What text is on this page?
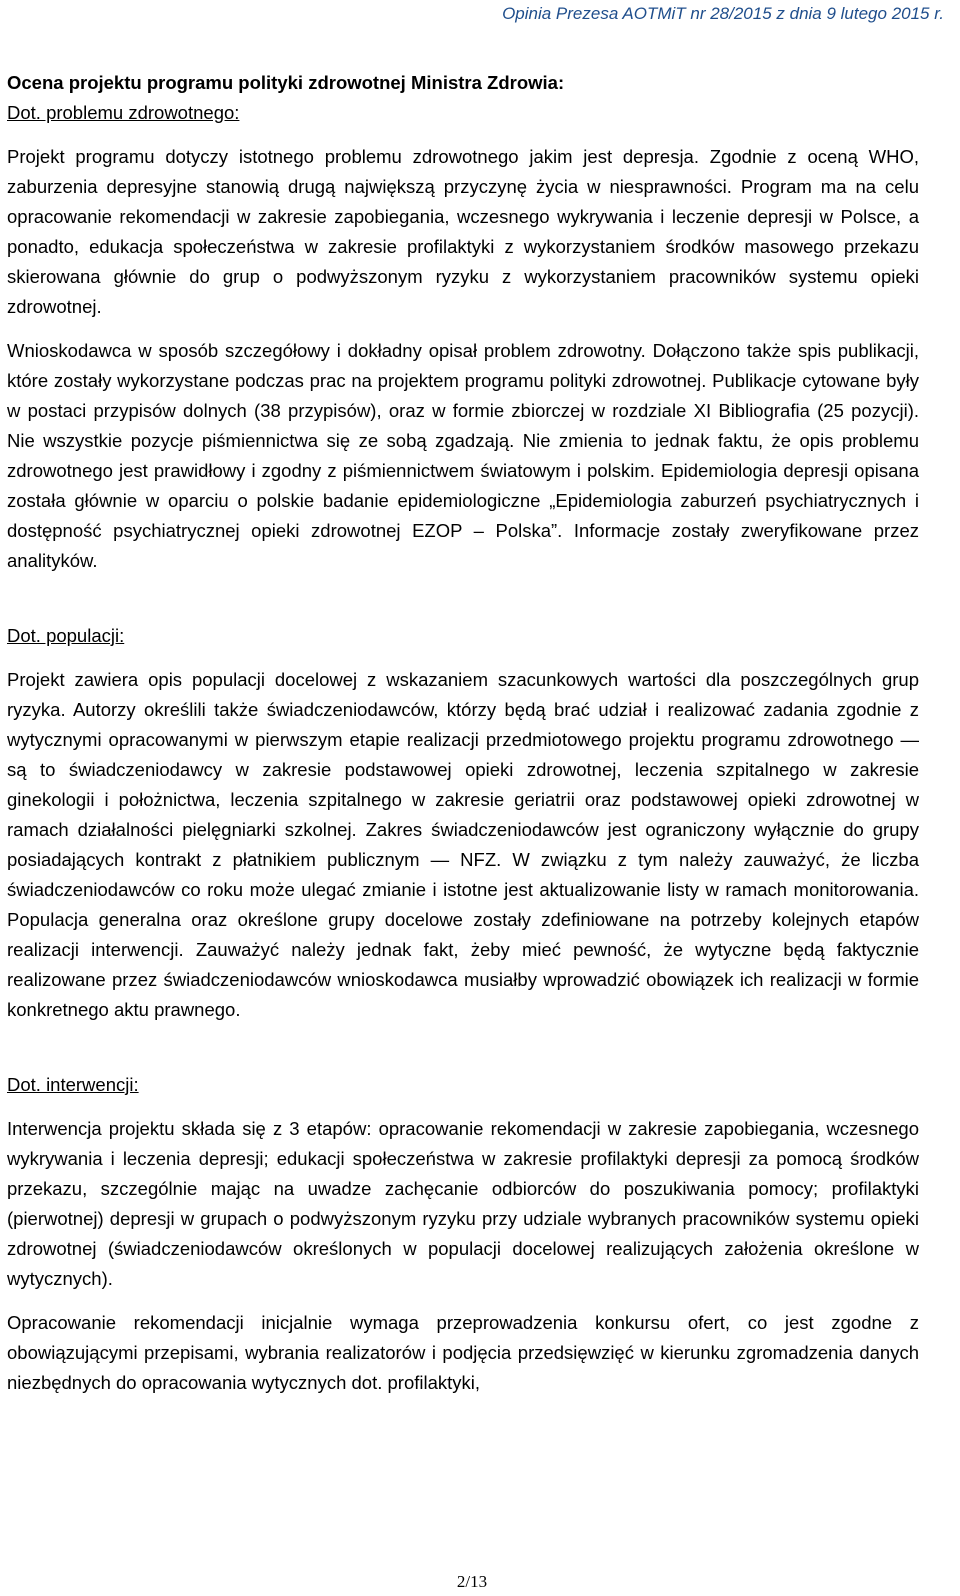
Opinia Prezesa AOTMiT nr 28/2015 z dnia 9 lutego 2015 r.

Ocena projektu programu polityki zdrowotnej Ministra Zdrowia:

Dot. problemu zdrowotnego:

Projekt programu dotyczy istotnego problemu zdrowotnego jakim jest depresja. Zgodnie z oceną WHO, zaburzenia depresyjne stanowią drugą największą przyczynę życia w niesprawności. Program ma na celu opracowanie rekomendacji w zakresie zapobiegania, wczesnego wykrywania i leczenie depresji w Polsce, a ponadto, edukacja społeczeństwa w zakresie profilaktyki z wykorzystaniem środków masowego przekazu skierowana głównie do grup o podwyższonym ryzyku z wykorzystaniem pracowników systemu opieki zdrowotnej.

Wnioskodawca w sposób szczegółowy i dokładny opisał problem zdrowotny. Dołączono także spis publikacji, które zostały wykorzystane podczas prac na projektem programu polityki zdrowotnej. Publikacje cytowane były w postaci przypisów dolnych (38 przypisów), oraz w formie zbiorczej w rozdziale XI Bibliografia (25 pozycji). Nie wszystkie pozycje piśmiennictwa się ze sobą zgadzają. Nie zmienia to jednak faktu, że opis problemu zdrowotnego jest prawidłowy i zgodny z piśmiennictwem światowym i polskim. Epidemiologia depresji opisana została głównie w oparciu o polskie badanie epidemiologiczne „Epidemiologia zaburzeń psychiatrycznych i dostępność psychiatrycznej opieki zdrowotnej EZOP – Polska”. Informacje zostały zweryfikowane przez analityków.

Dot. populacji:

Projekt zawiera opis populacji docelowej z wskazaniem szacunkowych wartości dla poszczególnych grup ryzyka. Autorzy określili także świadczeniodawców, którzy będą brać udział i realizować zadania zgodnie z wytycznymi opracowanymi w pierwszym etapie realizacji przedmiotowego projektu programu zdrowotnego — są to świadczeniodawcy w zakresie podstawowej opieki zdrowotnej, leczenia szpitalnego w zakresie ginekologii i położnictwa, leczenia szpitalnego w zakresie geriatrii oraz podstawowej opieki zdrowotnej w ramach działalności pielęgniarki szkolnej. Zakres świadczeniodawców jest ograniczony wyłącznie do grupy posiadających kontrakt z płatnikiem publicznym — NFZ. W związku z tym należy zauważyć, że liczba świadczeniodawców co roku może ulegać zmianie i istotne jest aktualizowanie listy w ramach monitorowania. Populacja generalna oraz określone grupy docelowe zostały zdefiniowane na potrzeby kolejnych etapów realizacji interwencji. Zauważyć należy jednak fakt, żeby mieć pewność, że wytyczne będą faktycznie realizowane przez świadczeniodawców wnioskodawca musiałby wprowadzić obowiązek ich realizacji w formie konkretnego aktu prawnego.

Dot. interwencji:

Interwencja projektu składa się z 3 etapów: opracowanie rekomendacji w zakresie zapobiegania, wczesnego wykrywania i leczenia depresji; edukacji społeczeństwa w zakresie profilaktyki depresji za pomocą środków przekazu, szczególnie mając na uwadze zachęcanie odbiorców do poszukiwania pomocy; profilaktyki (pierwotnej) depresji w grupach o podwyższonym ryzyku przy udziale wybranych pracowników systemu opieki zdrowotnej (świadczeniodawców określonych w populacji docelowej realizujących założenia określone w wytycznych).

Opracowanie rekomendacji inicjalnie wymaga przeprowadzenia konkursu ofert, co jest zgodne z obowiązującymi przepisami, wybrania realizatorów i podjęcia przedsięwzięć w kierunku zgromadzenia danych niezbędnych do opracowania wytycznych dot. profilaktyki,

2/13
